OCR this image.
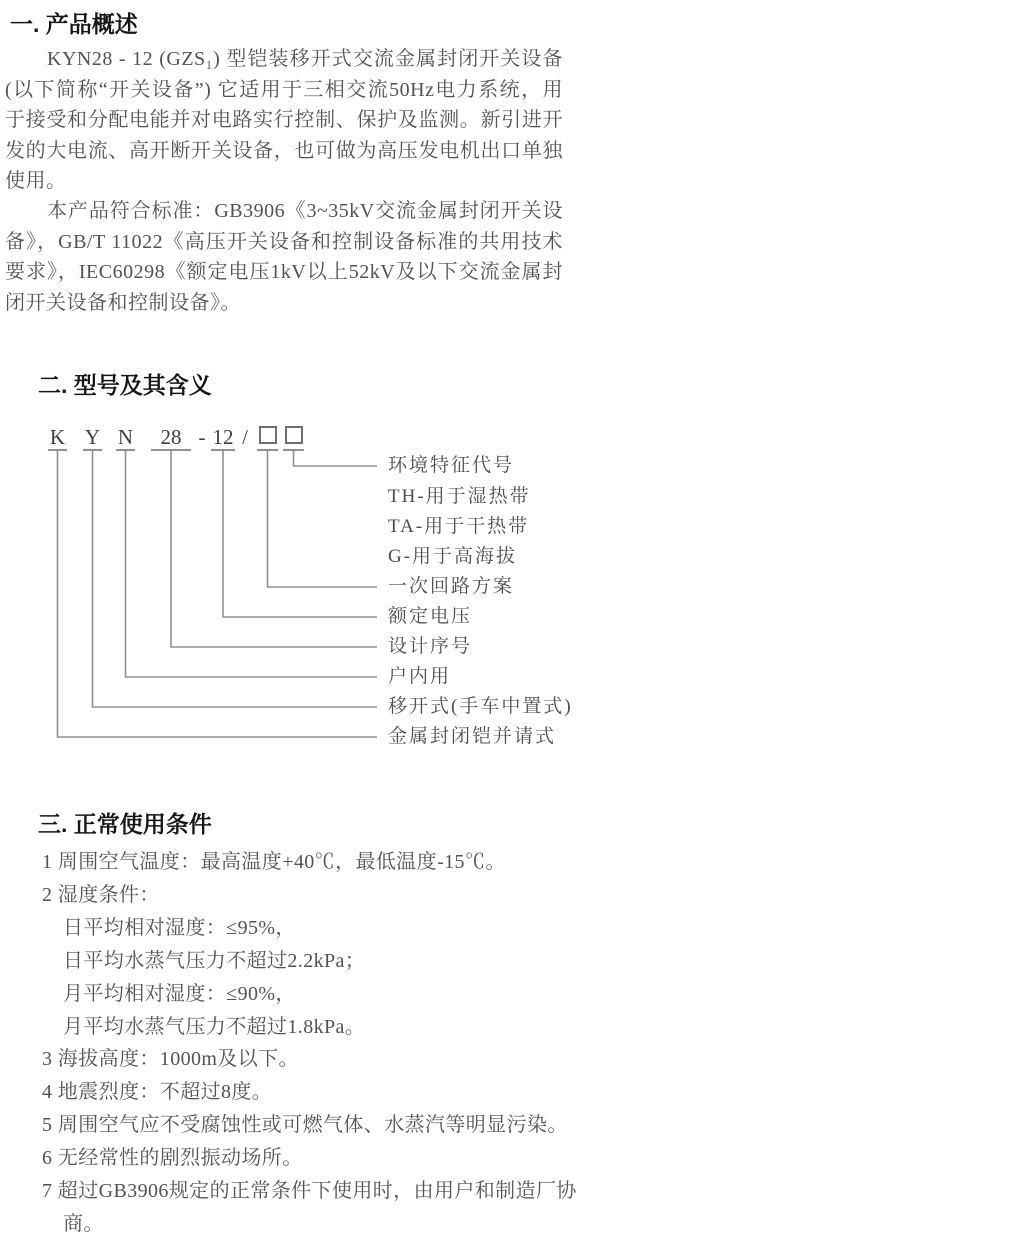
一. 产品概述
KYN28 - 12 (GZS₁) 型铠装移开式交流金属封闭开关设备
(以下简称“开关设备”) 它适用于三相交流50Hz电力系统，用
于接受和分配电能并对电路实行控制、保护及监测。新引进开
发的大电流、高开断开关设备，也可做为高压发电机出口单独
使用。
本产品符合标准：GB3906《3~35kV交流金属封闭开关设
备》，GB/T 11022《高压开关设备和控制设备标准的共用技术
要求》，IEC60298《额定电压1kV以上52kV及以下交流金属封
闭开关设备和控制设备》。
二. 型号及其含义
K Y N	28 - 12 /
环境特征代号
TH-用于湿热带
TA-用于干热带
G-用于高海拔
一次回路方案
额定电压
设计序号
户内用
移开式(手车中置式)
金属封闭铠并请式
三. 正常使用条件
1 周围空气温度：最高温度+40℃，最低温度-15℃。
2 湿度条件：
日平均相对湿度：≤95%，
日平均水蒸气压力不超过2.2kPa；
月平均相对湿度：≤90%，
月平均水蒸气压力不超过1.8kPa。
3 海拔高度：1000m及以下。
4 地震烈度：不超过8度。
5 周围空气应不受腐蚀性或可燃气体、水蒸汽等明显污染。
6 无经常性的剧烈振动场所。
7 超过GB3906规定的正常条件下使用时，由用户和制造厂协
商。
